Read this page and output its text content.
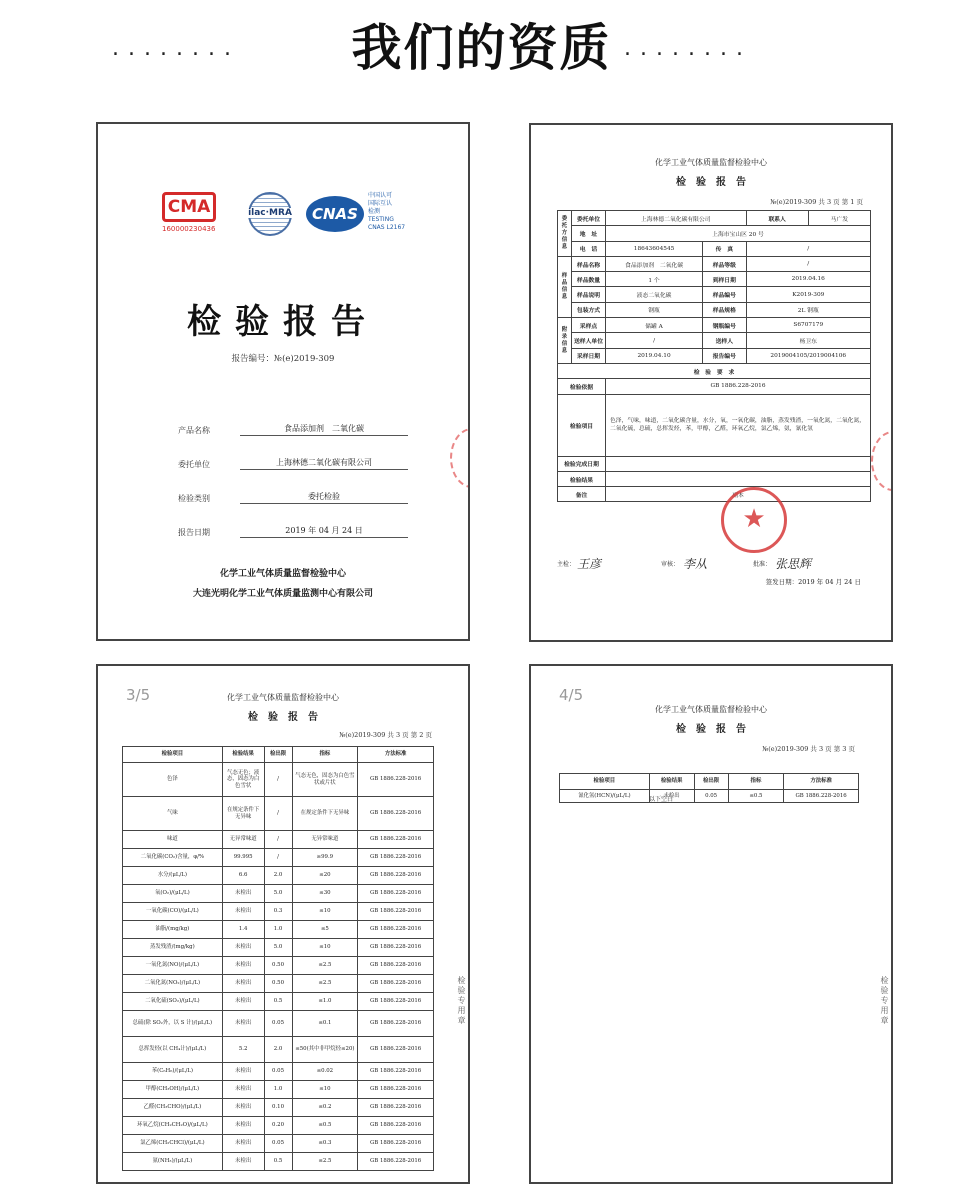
........	我们的资质 ........
CMA
160000230436
ilac·MRA	CNAS
中国认可
国际互认
检测
TESTING
CNAS L2167
检验报告
报告编号：№(e)2019-309
产品名称	食品添加剂　二氧化碳
委托单位	上海林德二氧化碳有限公司
检验类别	委托检验
报告日期	2019 年 04 月 24 日
化学工业气体质量监督检验中心
大连光明化学工业气体质量监测中心有限公司
化学工业气体质量监督检验中心
检　验　报　告
№(e)2019-309 共 3 页 第 1 页
委托方信息	委托单位	上海林德二氧化碳有限公司		联系人	马广发
	地　址	上海市宝山区 20 号			
	电　话	18643604545	传　真	/	
样品信息	样品名称	食品添加剂　二氧化碳	样品等级	/	
	样品数量	1 个	到样日期	2019.04.16	
	样品说明	液态二氧化碳	样品编号	K2019-309	
	包装方式	钢瓶	样品规格	2L 钢瓶	
附录信息	采样点	储罐 A	钢瓶编号	S6707179	
	送样人单位	/	送样人	杨卫东	
	采样日期	2019.04.10	报告编号	2019004105/2019004106	
检　验　要　求					
检验依据		GB 1886.228-2016			
检验项目		色泽，气味，味道，二氧化碳含量，水分，氧，一氧化碳，油脂，蒸发残渣，一氧化氮，二氧化氮，二氧化硫，总硫，总挥发烃，苯，甲醇，乙醛，环氧乙烷，氯乙烯，氨，氰化氢			
检验完成日期					
检验结果					
备注		副本			
★
主检： 王彦	审核： 李从	批准： 张思辉
签发日期：2019 年 04 月 24 日
3/5	化学工业气体质量监督检验中心
检　验　报　告
№(e)2019-309 共 3 页 第 2 页
检验项目	检验结果	检出限	指标	方法标准
色泽	气态无色；液态，固态为白色雪状	/	气态无色，固态为白色雪状或片状	GB 1886.228-2016
气味	在规定条件下无异味	/	在规定条件下无异味	GB 1886.228-2016
味道	无异常味道	/	无异常味道	GB 1886.228-2016
二氧化碳(CO₂)含量，φ/%	99.995	/	≥99.9	GB 1886.228-2016
水分/(μL/L)	6.6	2.0	≤20	GB 1886.228-2016
氧(O₂)/(μL/L)	未检出	5.0	≤30	GB 1886.228-2016
一氧化碳(CO)/(μL/L)	未检出	0.3	≤10	GB 1886.228-2016
油脂/(mg/kg)	1.4	1.0	≤5	GB 1886.228-2016
蒸发残渣/(mg/kg)	未检出	5.0	≤10	GB 1886.228-2016
一氧化氮(NO)/(μL/L)	未检出	0.50	≤2.5	GB 1886.228-2016
二氧化氮(NO₂)/(μL/L)	未检出	0.50	≤2.5	GB 1886.228-2016
二氧化硫(SO₂)/(μL/L)	未检出	0.5	≤1.0	GB 1886.228-2016
总硫(除 SO₂外，以 S 计)/(μL/L)	未检出	0.05	≤0.1	GB 1886.228-2016
总挥发烃(以 CH₄计)/(μL/L)	5.2	2.0	≤50(其中非甲烷烃≤20)	GB 1886.228-2016
苯(C₆H₆)/(μL/L)	未检出	0.05	≤0.02	GB 1886.228-2016
甲醇(CH₃OH)/(μL/L)	未检出	1.0	≤10	GB 1886.228-2016
乙醛(CH₃CHO)/(μL/L)	未检出	0.10	≤0.2	GB 1886.228-2016
环氧乙烷(CH₂CH₂O)/(μL/L)	未检出	0.20	≤0.5	GB 1886.228-2016
氯乙烯(CH₂CHCl)/(μL/L)	未检出	0.05	≤0.3	GB 1886.228-2016
氨(NH₃)/(μL/L)	未检出	0.5	≤2.5	GB 1886.228-2016
检验专用章
4/5
化学工业气体质量监督检验中心
检　验　报　告
№(e)2019-309 共 3 页 第 3 页
检验项目	检验结果	检出限	指标	方法标准
氰化氢(HCN)/(μL/L)	未检出	0.05	≤0.5	GB 1886.228-2016
以下空白
检验专用章
